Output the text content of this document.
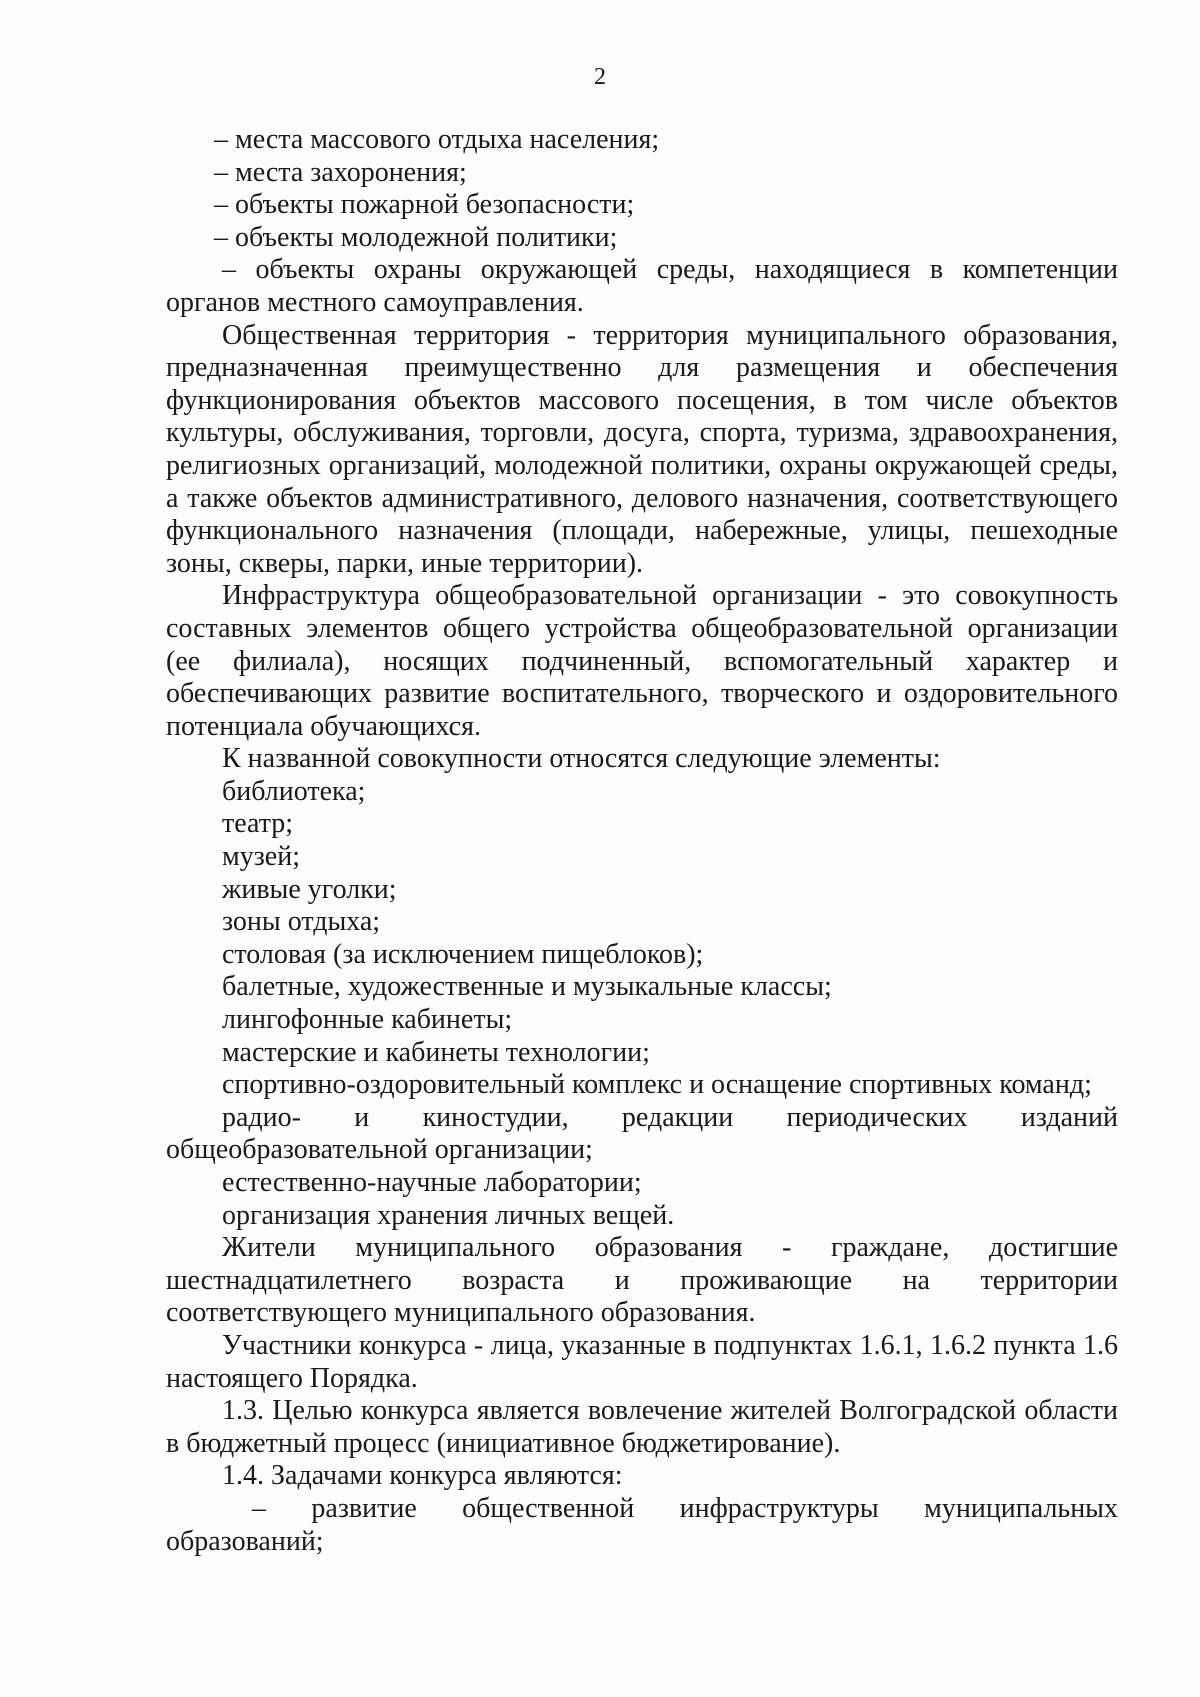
2

– места массового отдыха населения;

– места захоронения;

– объекты пожарной безопасности;

– объекты молодежной политики;

– объекты охраны окружающей среды, находящиеся в компетенции органов местного самоуправления.

Общественная территория - территория муниципального образования, предназначенная преимущественно для размещения и обеспечения функционирования объектов массового посещения, в том числе объектов культуры, обслуживания, торговли, досуга, спорта, туризма, здравоохранения, религиозных организаций, молодежной политики, охраны окружающей среды, а также объектов административного, делового назначения, соответствующего функционального назначения (площади, набережные, улицы, пешеходные зоны, скверы, парки, иные территории).

Инфраструктура общеобразовательной организации - это совокупность составных элементов общего устройства общеобразовательной организации (ее филиала), носящих подчиненный, вспомогательный характер и обеспечивающих развитие воспитательного, творческого и оздоровительного потенциала обучающихся.

К названной совокупности относятся следующие элементы:

библиотека;

театр;

музей;

живые уголки;

зоны отдыха;

столовая (за исключением пищеблоков);

балетные, художественные и музыкальные классы;

лингофонные кабинеты;

мастерские и кабинеты технологии;

спортивно-оздоровительный комплекс и оснащение спортивных команд;

радио- и киностудии, редакции периодических изданий общеобразовательной организации;

естественно-научные лаборатории;

организация хранения личных вещей.

Жители муниципального образования - граждане, достигшие шестнадцатилетнего возраста и проживающие на территории соответствующего муниципального образования.

Участники конкурса - лица, указанные в подпунктах 1.6.1, 1.6.2 пункта 1.6 настоящего Порядка.

1.3. Целью конкурса является вовлечение жителей Волгоградской области в бюджетный процесс (инициативное бюджетирование).

1.4. Задачами конкурса являются:

– развитие общественной инфраструктуры муниципальных образований;
